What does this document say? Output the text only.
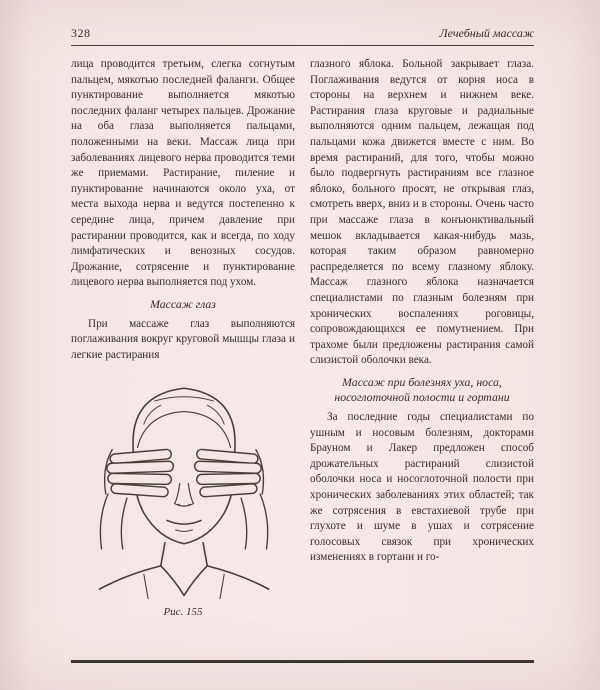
328	Лечебный массаж

лица проводится третьим, слегка согнутым пальцем, мякотью последней фаланги. Общее пунктирование выполняется мякотью последних фаланг четырех пальцев. Дрожание на оба глаза выполняется пальцами, положенными на веки. Массаж лица при заболеваниях лицевого нерва проводится теми же приемами. Растирание, пиление и пунктирование начинаются около уха, от места выхода нерва и ведутся постепенно к середине лица, причем давление при растирании проводится, как и всегда, по ходу лимфатических и венозных сосудов. Дрожание, сотрясение и пунктирование лицевого нерва выполняется под ухом.

Массаж глаз

При массаже глаз выполняются поглаживания вокруг круговой мышцы глаза и легкие растирания

Рис. 155

глазного яблока. Больной закрывает глаза. Поглаживания ведутся от корня носа в стороны на верхнем и нижнем веке. Растирания глаза круговые и радиальные выполняются одним пальцем, лежащая под пальцами кожа движется вместе с ним. Во время растираний, для того, чтобы можно было подвергнуть растираниям все глазное яблоко, больного просят, не открывая глаз, смотреть вверх, вниз и в стороны. Очень часто при массаже глаза в конъюнктивальный мешок вкладывается какая-нибудь мазь, которая таким образом равномерно распределяется по всему глазному яблоку. Массаж глазного яблока назначается специалистами по глазным болезням при хронических воспалениях роговицы, сопровождающихся ее помутнением. При трахоме были предложены растирания самой слизистой оболочки века.

Массаж при болезнях уха, носа, носоглоточной полости и гортани

За последние годы специалистами по ушным и носовым болезням, докторами Брауном и Лакер предложен способ дрожательных растираний слизистой оболочки носа и носоглоточной полости при хронических заболеваниях этих областей; так же сотрясения в евстахиевой трубе при глухоте и шуме в ушах и сотрясение голосовых связок при хронических изменениях в гортани и го-
